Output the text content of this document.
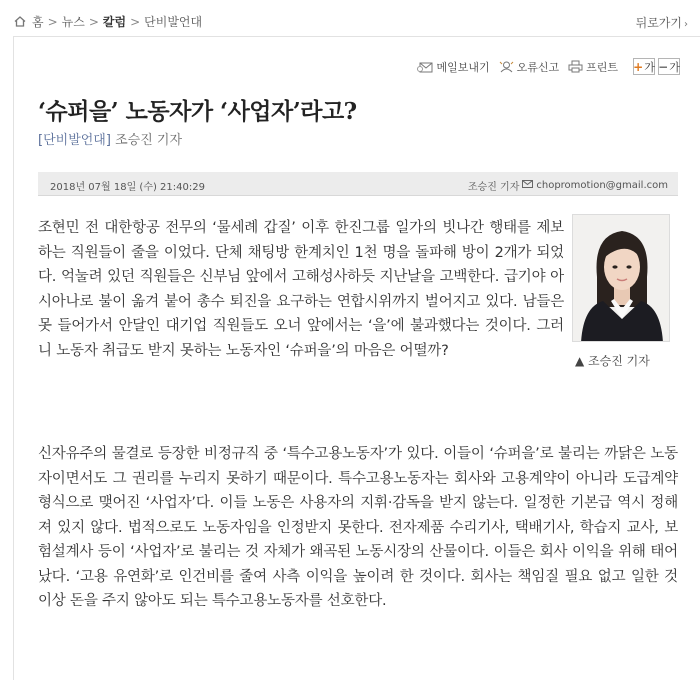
홈 > 뉴스 > 칼럼 > 단비발언대	뒤로가기 ›
메일보내기 오류신고 프린트 + 가 − 가
‘슈퍼을’ 노동자가 ‘사업자’라고?
[단비발언대] 조승진 기자
2018년 07월 18일 (수) 21:40:29	조승진 기자 chopromotion@gmail.com
▲ 조승진 기자

조현민 전 대한항공 전무의 ‘물세례 갑질’ 이후 한진그룹 일가의 빗나간 행태를 제보하는 직원들이 줄을 이었다. 단체 채팅방 한계치인 1천 명을 돌파해 방이 2개가 되었다. 억눌려 있던 직원들은 신부님 앞에서 고해성사하듯 지난날을 고백한다. 급기야 아시아나로 불이 옮겨 붙어 총수 퇴진을 요구하는 연합시위까지 벌어지고 있다. 남들은 못 들어가서 안달인 대기업 직원들도 오너 앞에서는 ‘을’에 불과했다는 것이다. 그러니 노동자 취급도 받지 못하는 노동자인 ‘슈퍼을’의 마음은 어떨까?

신자유주의 물결로 등장한 비정규직 중 ‘특수고용노동자’가 있다. 이들이 ‘슈퍼을’로 불리는 까닭은 노동자이면서도 그 권리를 누리지 못하기 때문이다. 특수고용노동자는 회사와 고용계약이 아니라 도급계약 형식으로 맺어진 ‘사업자’다. 이들 노동은 사용자의 지휘·감독을 받지 않는다. 일정한 기본급 역시 정해져 있지 않다. 법적으로도 노동자임을 인정받지 못한다. 전자제품 수리기사, 택배기사, 학습지 교사, 보험설계사 등이 ‘사업자’로 불리는 것 자체가 왜곡된 노동시장의 산물이다. 이들은 회사 이익을 위해 태어났다. ‘고용 유연화’로 인건비를 줄여 사측 이익을 높이려 한 것이다. 회사는 책임질 필요 없고 일한 것 이상 돈을 주지 않아도 되는 특수고용노동자를 선호한다.
